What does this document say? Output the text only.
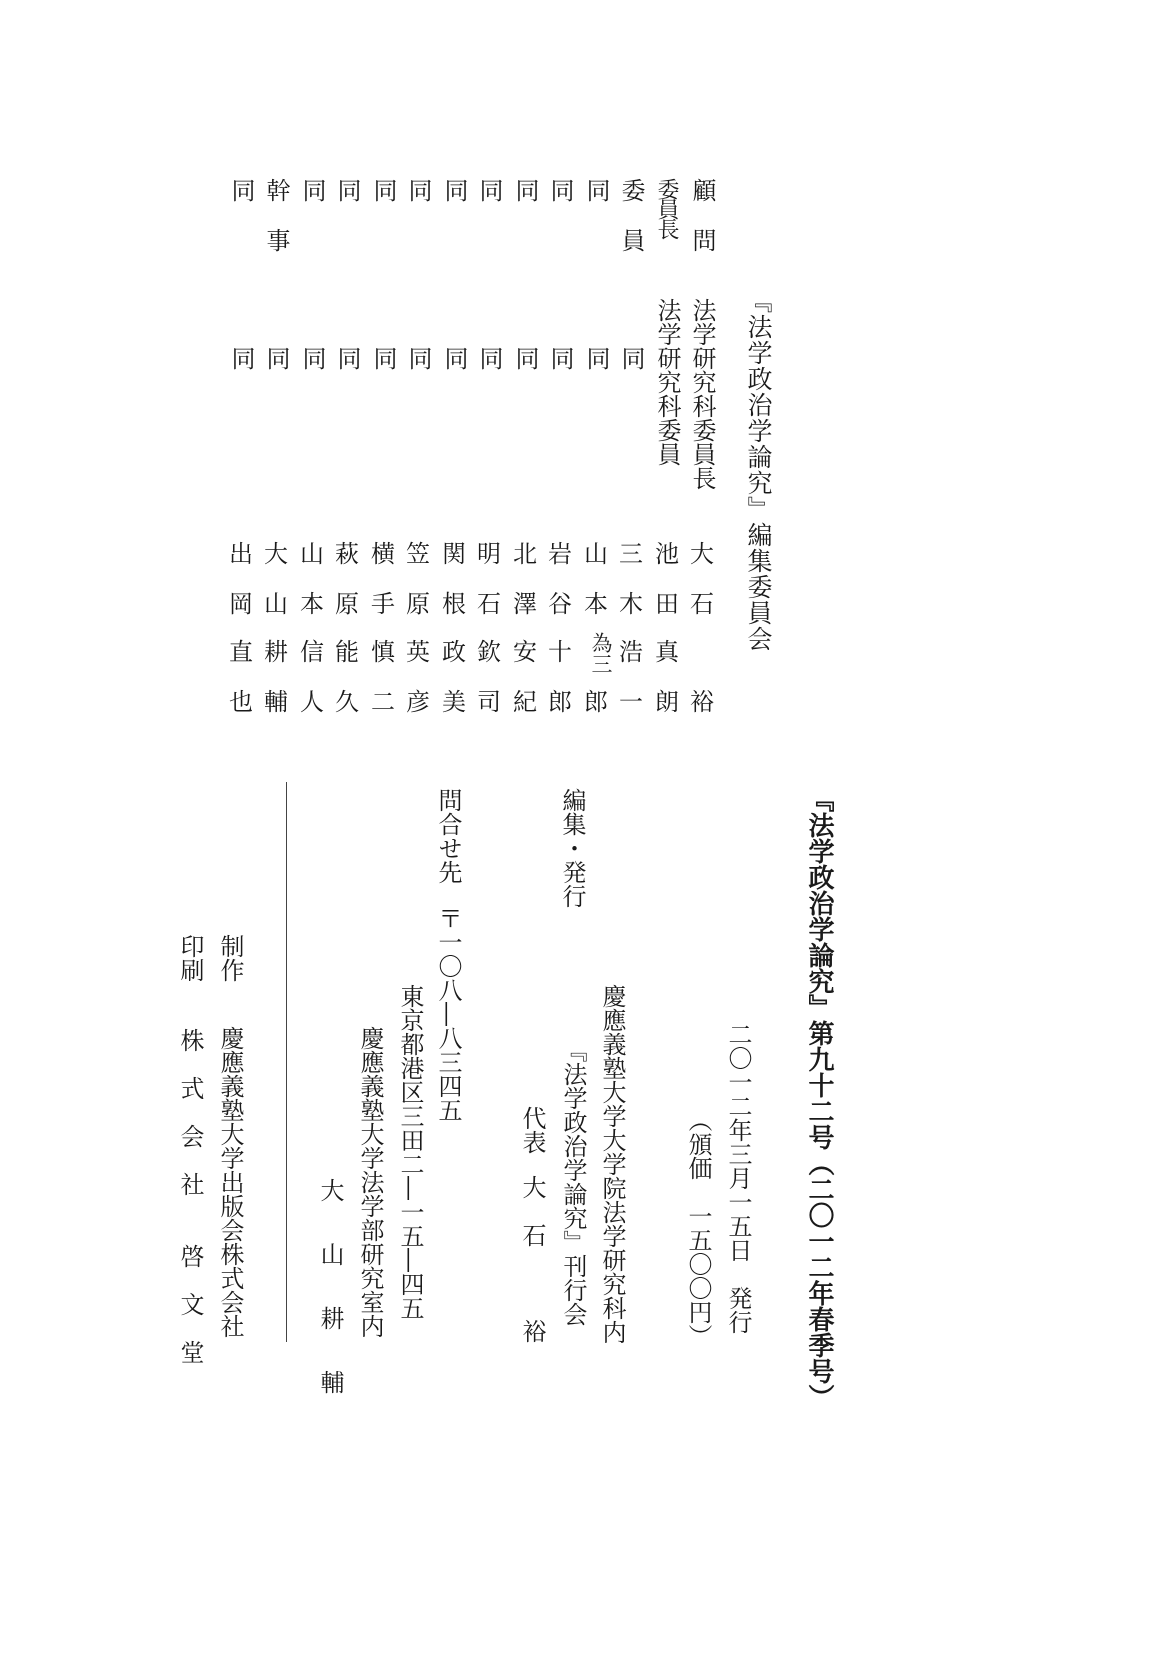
『法学政治学論究』編集委員会
顧問
法学研究科委員長
大
石
裕
委員長
法学研究科委員
池
田
真
朗
委員
同
三
木
浩
一
同
同
山
本
為三
郎
同
同
岩
谷
十
郎
同
同
北
澤
安
紀
同
同
明
石
欽
司
同
同
関
根
政
美
同
同
笠
原
英
彦
同
同
横
手
慎
二
同
同
萩
原
能
久
同
同
山
本
信
人
幹事
同
大
山
耕
輔
同
同
出
岡
直
也
『法学政治学論究』第九十二号（二〇一二年春季号）
二〇一二年三月一五日　発行
（頒価　一五〇〇円）
編集・発行
慶應義塾大学大学院法学研究科内
『法学政治学論究』刊行会
代表
大　石　　　裕
問合せ先
〒一〇八―八三四五
東京都港区三田二―一五―四五
慶應義塾大学法学部研究室内
大　山　耕　輔
制作
慶應義塾大学出版会株式会社
印刷
株　式　会　社　　啓　文　堂
